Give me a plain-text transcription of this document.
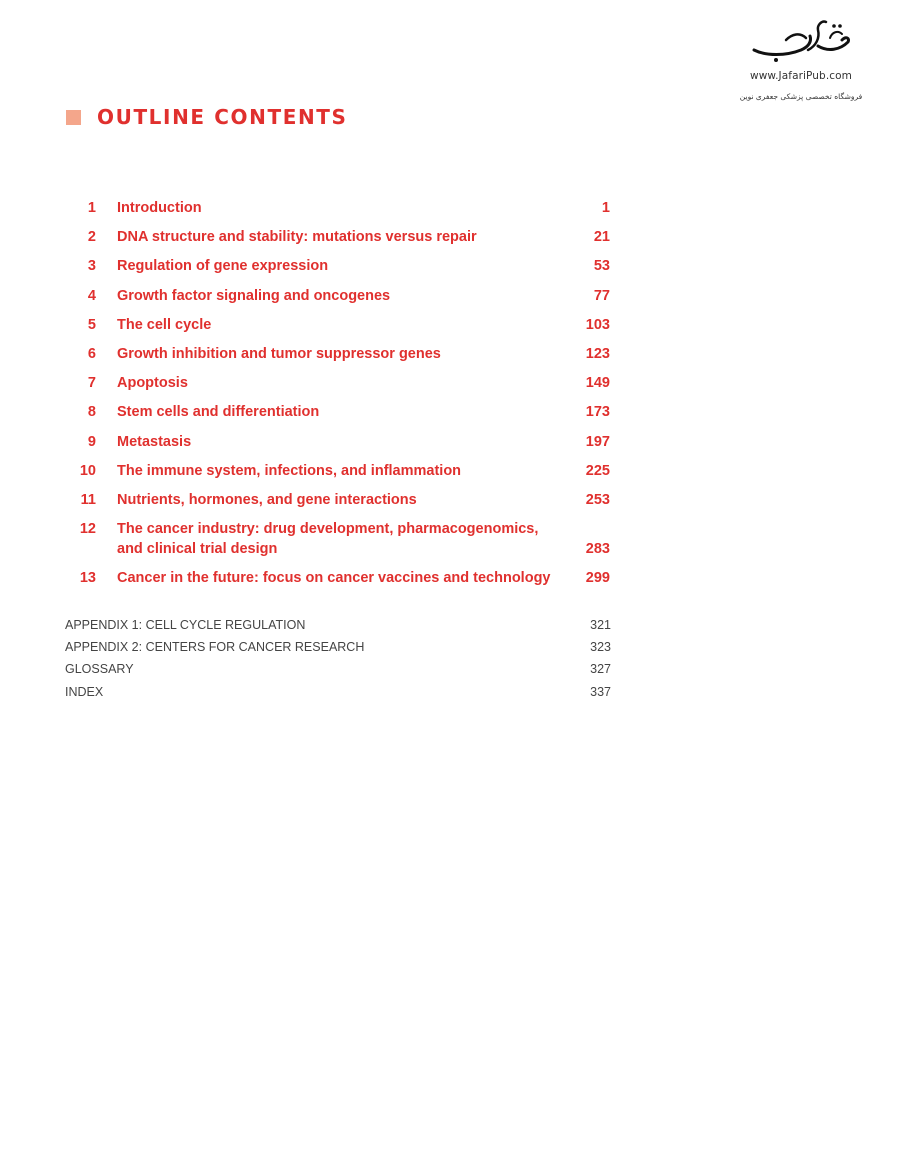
www.JafariPub.com
فروشگاه تخصصی پزشکی جعفری نوین
OUTLINE CONTENTS
1 Introduction	1
2 DNA structure and stability: mutations versus repair	21
3 Regulation of gene expression	53
4 Growth factor signaling and oncogenes	77
5 The cell cycle	103
6 Growth inhibition and tumor suppressor genes	123
7 Apoptosis	149
8 Stem cells and differentiation	173
9 Metastasis	197
10 The immune system, infections, and inflammation	225
11 Nutrients, hormones, and gene interactions	253
12 The cancer industry: drug development, pharmacogenomics,
and clinical trial design	283
13 Cancer in the future: focus on cancer vaccines and technology	299
APPENDIX 1: CELL CYCLE REGULATION	321
APPENDIX 2: CENTERS FOR CANCER RESEARCH	323
GLOSSARY	327
INDEX	337
